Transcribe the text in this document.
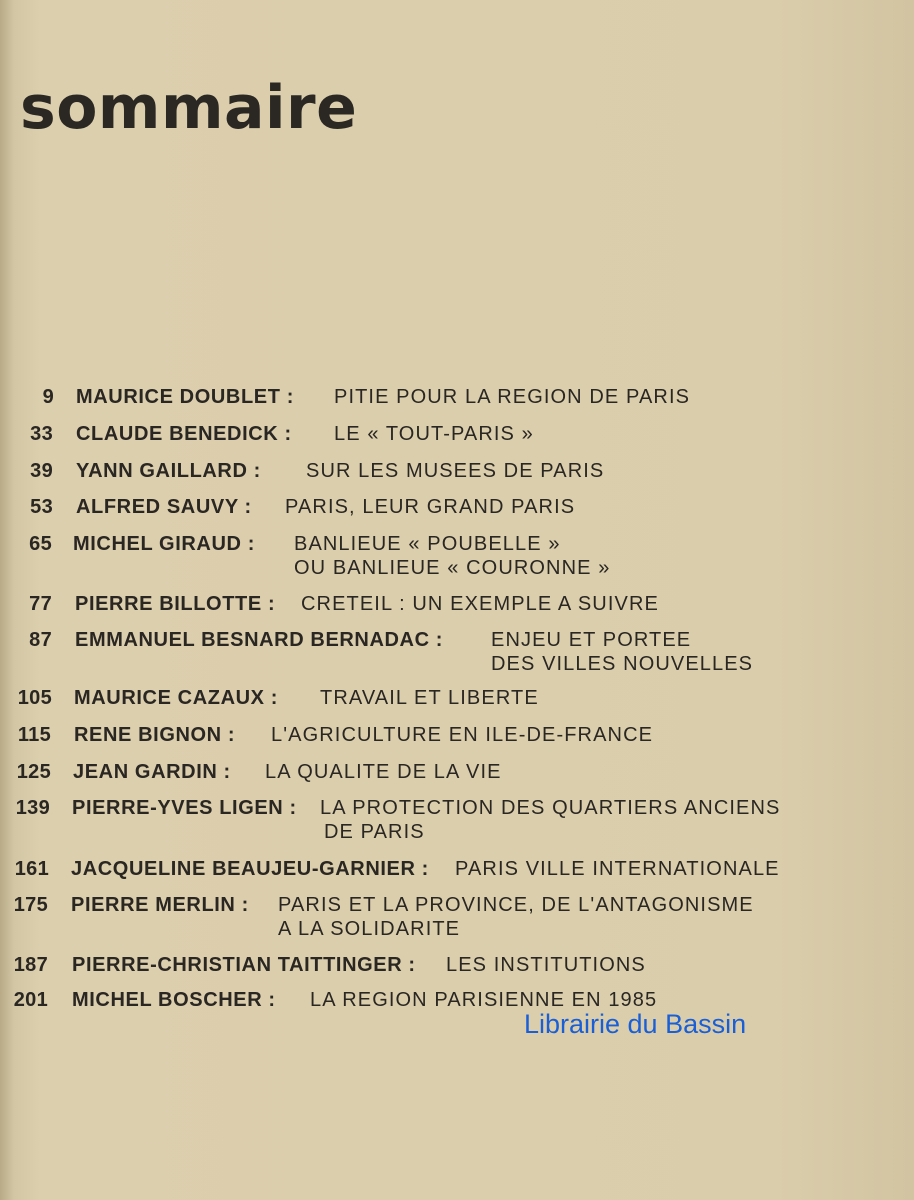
sommaire
9 MAURICE DOUBLET : PITIE POUR LA REGION DE PARIS
33 CLAUDE BENEDICK : LE « TOUT-PARIS »
39 YANN GAILLARD : SUR LES MUSEES DE PARIS
53 ALFRED SAUVY : PARIS, LEUR GRAND PARIS
65 MICHEL GIRAUD : BANLIEUE « POUBELLE »
OU BANLIEUE « COURONNE »
77 PIERRE BILLOTTE : CRETEIL : UN EXEMPLE A SUIVRE
87 EMMANUEL BESNARD BERNADAC : ENJEU ET PORTEE
DES VILLES NOUVELLES
105 MAURICE CAZAUX : TRAVAIL ET LIBERTE
115 RENE BIGNON : L'AGRICULTURE EN ILE-DE-FRANCE
125 JEAN GARDIN : LA QUALITE DE LA VIE
139 PIERRE-YVES LIGEN : LA PROTECTION DES QUARTIERS ANCIENS
DE PARIS
161 JACQUELINE BEAUJEU-GARNIER : PARIS VILLE INTERNATIONALE
175 PIERRE MERLIN : PARIS ET LA PROVINCE, DE L'ANTAGONISME
A LA SOLIDARITE
187 PIERRE-CHRISTIAN TAITTINGER : LES INSTITUTIONS
201 MICHEL BOSCHER : LA REGION PARISIENNE EN 1985
Librairie du Bassin
